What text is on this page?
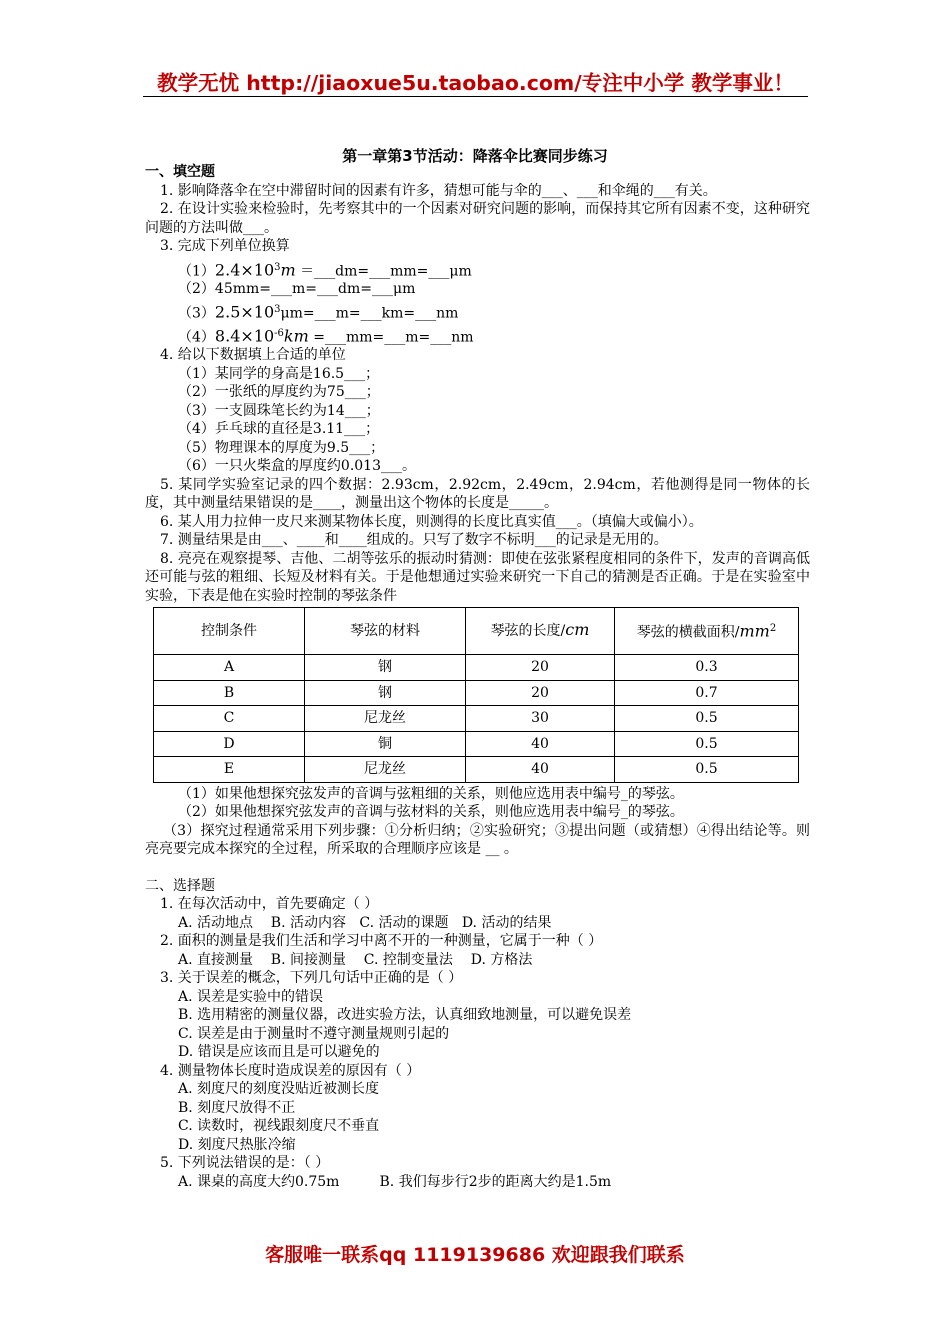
教学无忧 http://jiaoxue5u.taobao.com/专注中小学 教学事业！
第一章第3节活动：降落伞比赛同步练习
一、填空题
1. 影响降落伞在空中滞留时间的因素有许多，猜想可能与伞的___、___和伞绳的___有关。
2. 在设计实验来检验时，先考察其中的一个因素对研究问题的影响，而保持其它所有因素不变，这种研究问题的方法叫做___。
3. 完成下列单位换算
$(1)2.4\times 10^3m$ ＝___dm=___mm=___μm
（2）45mm=___m=___dm=___μm
$(3)2.5\times 10^3\mu m=\_\_\_m=\_\_\_km=\_\_\_nm$
$(4)8.4\times 10^{-6}km$ =___mm=___m=___nm
4. 给以下数据填上合适的单位
（1）某同学的身高是16.5___；
（2）一张纸的厚度约为75___；
（3）一支圆珠笔长约为14___；
（4）乒乓球的直径是3.11___；
（5）物理课本的厚度为9.5___；
（6）一只火柴盒的厚度约0.013___。
5. 某同学实验室记录的四个数据：2.93cm，2.92cm，2.49cm，2.94cm，若他测得是同一物体的长度，其中测量结果错误的是____，测量出这个物体的长度是_____。
6. 某人用力拉伸一皮尺来测某物体长度，则测得的长度比真实值___。（填偏大或偏小）。
7. 测量结果是由___、____和____组成的。只写了数字不标明___的记录是无用的。
8. 亮亮在观察提琴、吉他、二胡等弦乐的振动时猜测：即使在弦张紧程度相同的条件下，发声的音调高低还可能与弦的粗细、长短及材料有关。于是他想通过实验来研究一下自己的猜测是否正确。于是在实验室中实验，下表是他在实验时控制的琴弦条件
控制条件	琴弦的材料	琴弦的长度/cm	琴弦的横截面积$/mm^2$
A	钢	20	0.3
B	钢	20	0.7
C	尼龙丝	30	0.5
D	铜	40	0.5
E	尼龙丝	40	0.5
（1）如果他想探究弦发声的音调与弦粗细的关系，则他应选用表中编号_的琴弦。
（2）如果他想探究弦发声的音调与弦材料的关系，则他应选用表中编号_的琴弦。
（3）探究过程通常采用下列步骤：①分析归纳；②实验研究；③提出问题（或猜想）④得出结论等。则亮亮要完成本探究的全过程，所采取的合理顺序应该是 __ 。
二、选择题
1. 在每次活动中，首先要确定（ ）
A. 活动地点    B. 活动内容   C. 活动的课题   D. 活动的结果
2. 面积的测量是我们生活和学习中离不开的一种测量，它属于一种（ ）
A. 直接测量    B. 间接测量    C. 控制变量法    D. 方格法
3. 关于误差的概念，下列几句话中正确的是（ ）
A. 误差是实验中的错误
B. 选用精密的测量仪器，改进实验方法，认真细致地测量，可以避免误差
C. 误差是由于测量时不遵守测量规则引起的
D. 错误是应该而且是可以避免的
4. 测量物体长度时造成误差的原因有（ ）
A. 刻度尺的刻度没贴近被测长度
B. 刻度尺放得不正
C. 读数时，视线跟刻度尺不垂直
D. 刻度尺热胀冷缩
5. 下列说法错误的是：（ ）
A. 课桌的高度大约0.75m         B. 我们每步行2步的距离大约是1.5m
客服唯一联系qq 1119139686 欢迎跟我们联系
